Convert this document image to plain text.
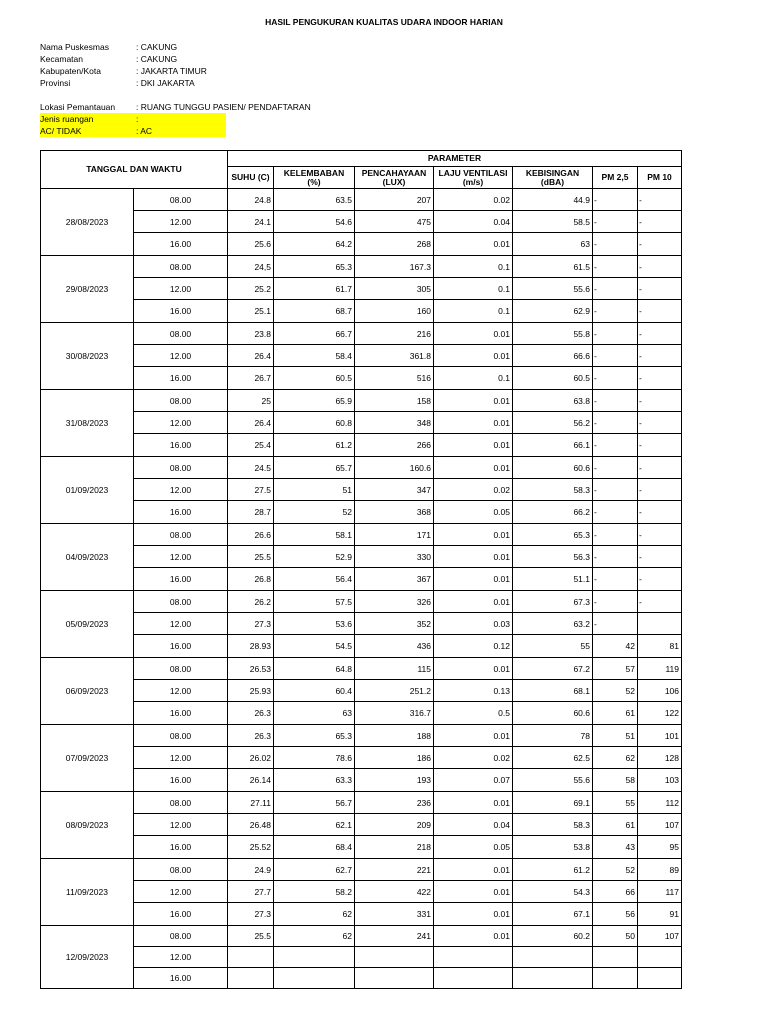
HASIL PENGUKURAN KUALITAS UDARA INDOOR HARIAN
Nama Puskesmas	: CAKUNG
Kecamatan	: CAKUNG
Kabupaten/Kota	: JAKARTA TIMUR
Provinsi	: DKI JAKARTA
Lokasi Pemantauan	: RUANG TUNGGU PASIEN/ PENDAFTARAN
Jenis ruangan	:
AC/ TIDAK	: AC
TANGGAL DAN WAKTU		PARAMETER						
		SUHU (C)	KELEMBABAN (%)	PENCAHAYAAN (LUX)	LAJU VENTILASI (m/s)	KEBISINGAN (dBA)	PM 2,5	PM 10
28/08/2023	08.00	24.8	63.5	207	0.02	44.9	-	-
	12.00	24.1	54.6	475	0.04	58.5	-	-
	16.00	25.6	64.2	268	0.01	63	-	-
29/08/2023	08.00	24,5	65.3	167.3	0.1	61.5	-	-
	12.00	25.2	61.7	305	0.1	55.6	-	-
	16.00	25.1	68.7	160	0.1	62.9	-	-
30/08/2023	08.00	23.8	66.7	216	0.01	55.8	-	-
	12.00	26.4	58.4	361.8	0.01	66.6	-	-
	16.00	26.7	60.5	516	0.1	60.5	-	-
31/08/2023	08.00	25	65.9	158	0.01	63.8	-	-
	12.00	26.4	60.8	348	0.01	56.2	-	-
	16.00	25.4	61.2	266	0.01	66.1	-	-
01/09/2023	08.00	24.5	65.7	160.6	0.01	60.6	-	-
	12.00	27.5	51	347	0.02	58.3	-	-
	16.00	28.7	52	368	0.05	66.2	-	-
04/09/2023	08.00	26.6	58.1	171	0.01	65.3	-	-
	12.00	25.5	52.9	330	0.01	56.3	-	-
	16.00	26.8	56.4	367	0.01	51.1	-	-
05/09/2023	08.00	26.2	57.5	326	0.01	67.3	-	-
	12.00	27.3	53.6	352	0.03	63.2	-	
	16.00	28.93	54.5	436	0.12	55	42	81
06/09/2023	08.00	26.53	64.8	115	0.01	67.2	57	119
	12.00	25.93	60.4	251.2	0.13	68.1	52	106
	16.00	26.3	63	316.7	0.5	60.6	61	122
07/09/2023	08.00	26.3	65.3	188	0.01	78	51	101
	12.00	26.02	78.6	186	0.02	62.5	62	128
	16.00	26.14	63.3	193	0.07	55.6	58	103
08/09/2023	08.00	27.11	56.7	236	0.01	69.1	55	112
	12.00	26.48	62.1	209	0.04	58.3	61	107
	16.00	25.52	68.4	218	0.05	53.8	43	95
11/09/2023	08.00	24.9	62.7	221	0.01	61.2	52	89
	12.00	27.7	58.2	422	0.01	54.3	66	117
	16.00	27.3	62	331	0.01	67.1	56	91
12/09/2023	08.00	25.5	62	241	0.01	60.2	50	107
	12.00							
	16.00							
